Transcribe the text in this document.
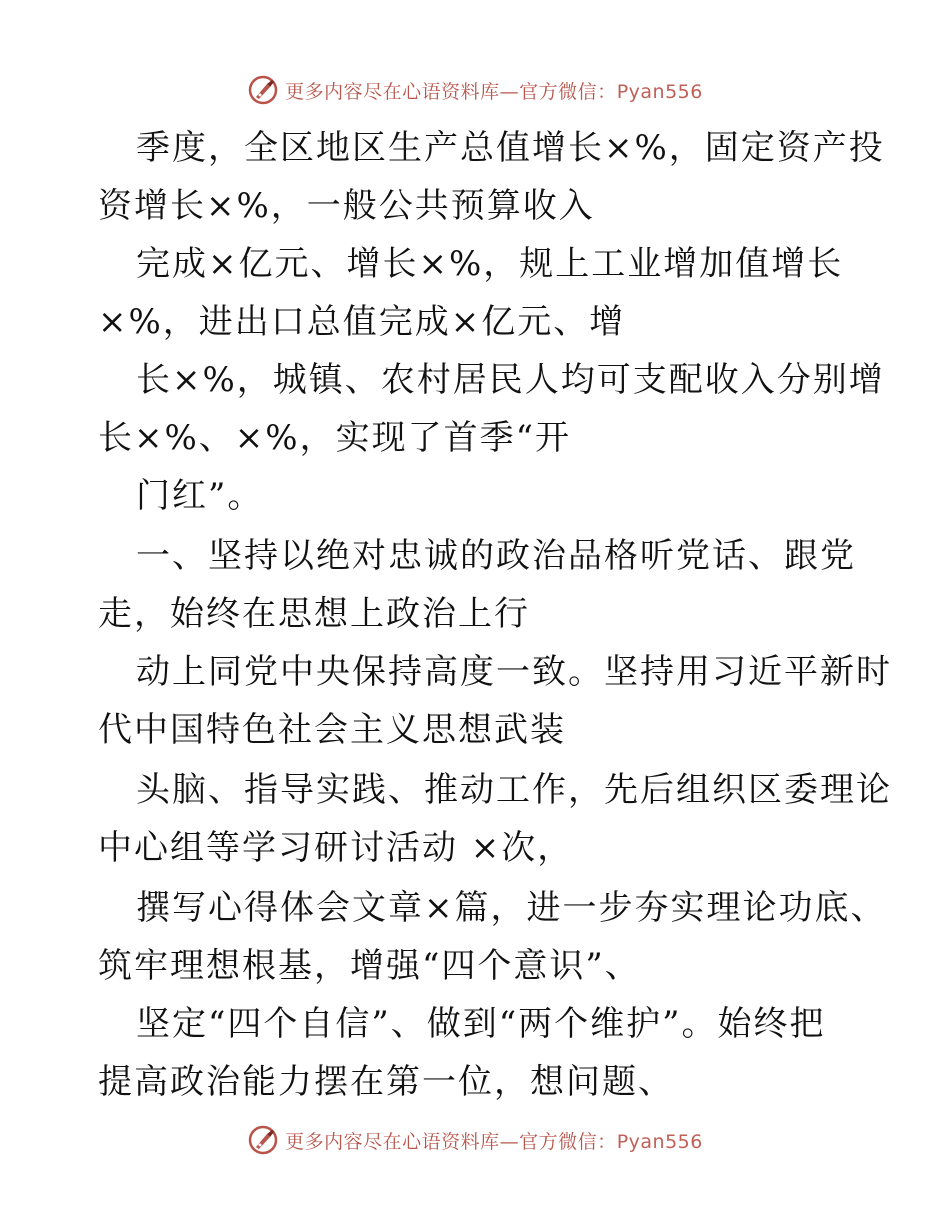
更多内容尽在心语资料库—官方微信：Pyan556
季度，全区地区生产总值增长×%，固定资产投
资增长×%，一般公共预算收入
完成×亿元、增长×%，规上工业增加值增长
×%，进出口总值完成×亿元、增
长×%，城镇、农村居民人均可支配收入分别增
长×%、×%，实现了首季“开
门红”。
一、坚持以绝对忠诚的政治品格听党话、跟党
走，始终在思想上政治上行
动上同党中央保持高度一致。坚持用习近平新时
代中国特色社会主义思想武装
头脑、指导实践、推动工作，先后组织区委理论
中心组等学习研讨活动 ×次，
撰写心得体会文章×篇，进一步夯实理论功底、
筑牢理想根基，增强“四个意识”、
坚定“四个自信”、做到“两个维护”。始终把
提高政治能力摆在第一位，想问题、
更多内容尽在心语资料库—官方微信：Pyan556
